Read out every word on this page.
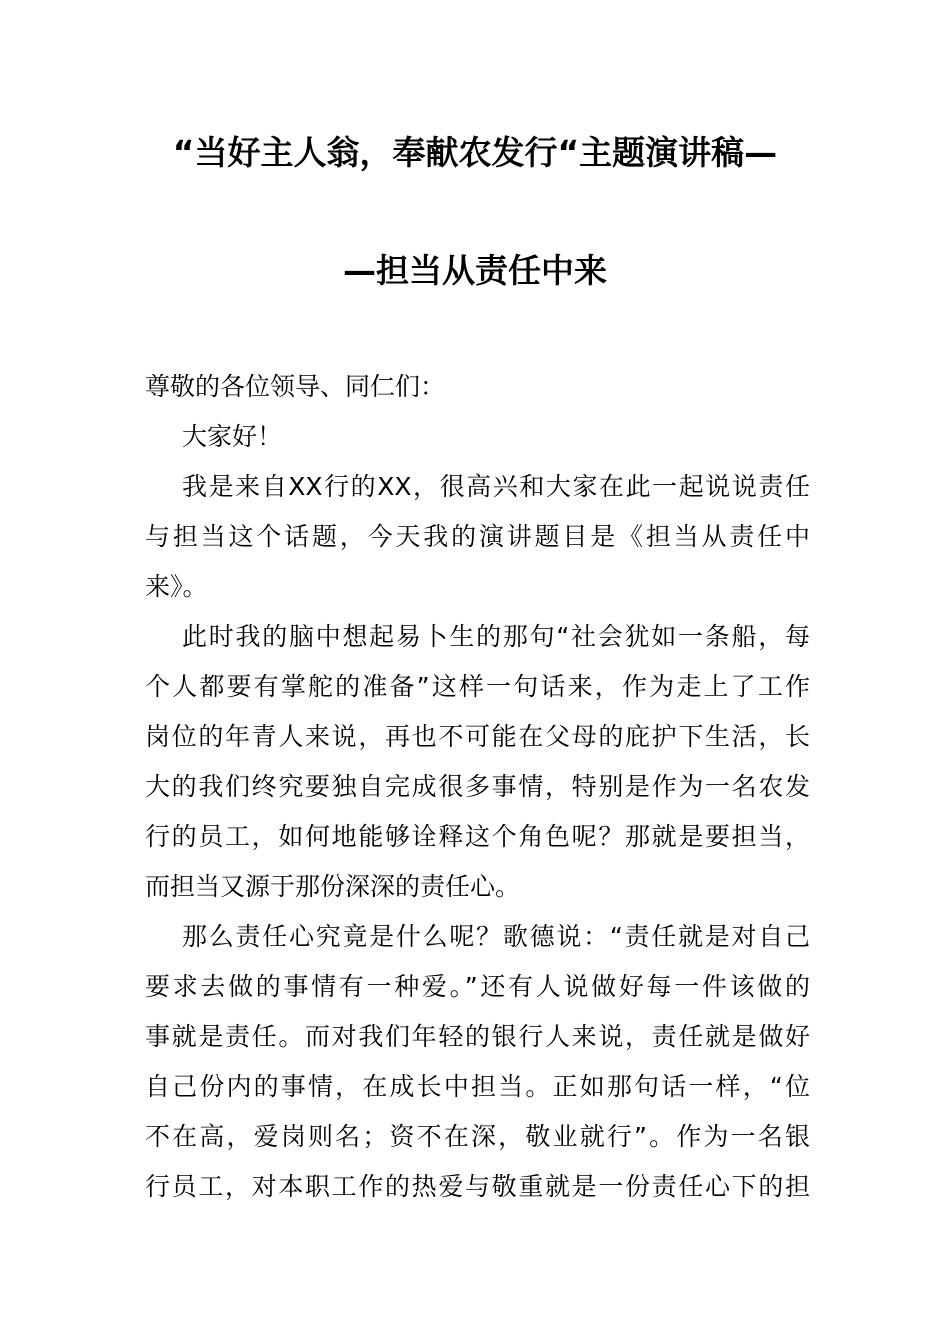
“当好主人翁，奉献农发行“主题演讲稿—
—担当从责任中来

尊敬的各位领导、同仁们：

大家好！

我是来自XX行的XX，很高兴和大家在此一起说说责任
与担当这个话题，今天我的演讲题目是《担当从责任中
来》。

此时我的脑中想起易卜生的那句“社会犹如一条船，每
个人都要有掌舵的准备”这样一句话来，作为走上了工作
岗位的年青人来说，再也不可能在父母的庇护下生活，长
大的我们终究要独自完成很多事情，特别是作为一名农发
行的员工，如何地能够诠释这个角色呢？那就是要担当，
而担当又源于那份深深的责任心。

那么责任心究竟是什么呢？歌德说：“责任就是对自己
要求去做的事情有一种爱。”还有人说做好每一件该做的
事就是责任。而对我们年轻的银行人来说，责任就是做好
自己份内的事情，在成长中担当。正如那句话一样，“位
不在高，爱岗则名；资不在深，敬业就行”。作为一名银
行员工，对本职工作的热爱与敬重就是一份责任心下的担
